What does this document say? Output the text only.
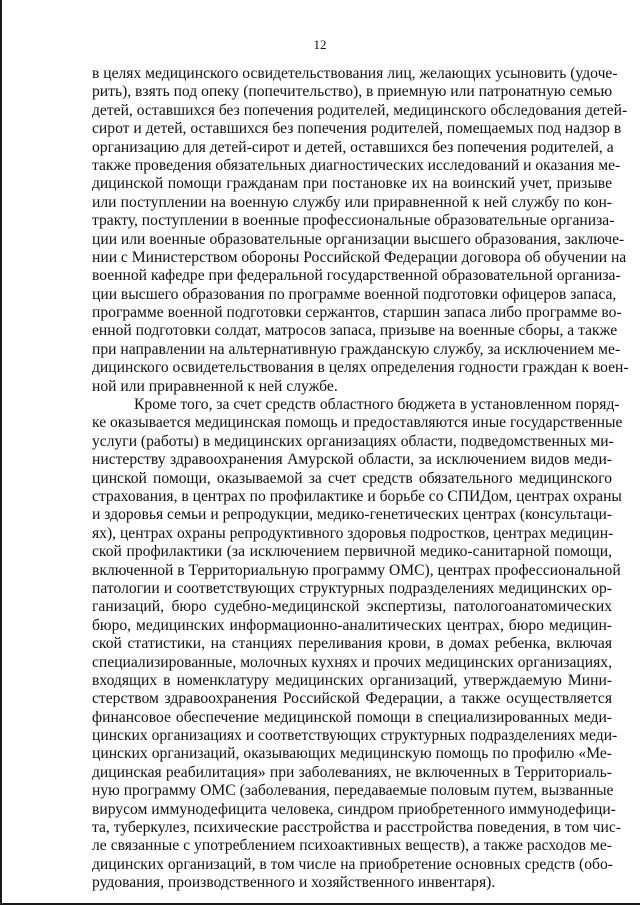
12
в целях медицинского освидетельствования лиц, желающих усыновить (удоче-
рить), взять под опеку (попечительство), в приемную или патронатную семью
детей, оставшихся без попечения родителей, медицинского обследования детей-
сирот и детей, оставшихся без попечения родителей, помещаемых под надзор в
организацию для детей-сирот и детей, оставшихся без попечения родителей, а
также проведения обязательных диагностических исследований и оказания ме-
дицинской помощи гражданам при постановке их на воинский учет, призыве
или поступлении на военную службу или приравненной к ней службу по кон-
тракту, поступлении в военные профессиональные образовательные организа-
ции или военные образовательные организации высшего образования, заключе-
нии с Министерством обороны Российской Федерации договора об обучении на
военной кафедре при федеральной государственной образовательной организа-
ции высшего образования по программе военной подготовки офицеров запаса,
программе военной подготовки сержантов, старшин запаса либо программе во-
енной подготовки солдат, матросов запаса, призыве на военные сборы, а также
при направлении на альтернативную гражданскую службу, за исключением ме-
дицинского освидетельствования в целях определения годности граждан к воен-
ной или приравненной к ней службе.
Кроме того, за счет средств областного бюджета в установленном поряд-
ке оказывается медицинская помощь и предоставляются иные государственные
услуги (работы) в медицинских организациях области, подведомственных ми-
нистерству здравоохранения Амурской области, за исключением видов меди-
цинской помощи, оказываемой за счет средств обязательного медицинского
страхования, в центрах по профилактике и борьбе со СПИДом, центрах охраны
и здоровья семьи и репродукции, медико-генетических центрах (консультаци-
ях), центрах охраны репродуктивного здоровья подростков, центрах медицин-
ской профилактики (за исключением первичной медико-санитарной помощи,
включенной в Территориальную программу ОМС), центрах профессиональной
патологии и соответствующих структурных подразделениях медицинских ор-
ганизаций, бюро судебно-медицинской экспертизы, патологоанатомических
бюро, медицинских информационно-аналитических центрах, бюро медицин-
ской статистики, на станциях переливания крови, в домах ребенка, включая
специализированные, молочных кухнях и прочих медицинских организациях,
входящих в номенклатуру медицинских организаций, утверждаемую Мини-
стерством здравоохранения Российской Федерации, а также осуществляется
финансовое обеспечение медицинской помощи в специализированных меди-
цинских организациях и соответствующих структурных подразделениях меди-
цинских организаций, оказывающих медицинскую помощь по профилю «Ме-
дицинская реабилитация» при заболеваниях, не включенных в Территориаль-
ную программу ОМС (заболевания, передаваемые половым путем, вызванные
вирусом иммунодефицита человека, синдром приобретенного иммунодефици-
та, туберкулез, психические расстройства и расстройства поведения, в том чис-
ле связанные с употреблением психоактивных веществ), а также расходов ме-
дицинских организаций, в том числе на приобретение основных средств (обо-
рудования, производственного и хозяйственного инвентаря).
